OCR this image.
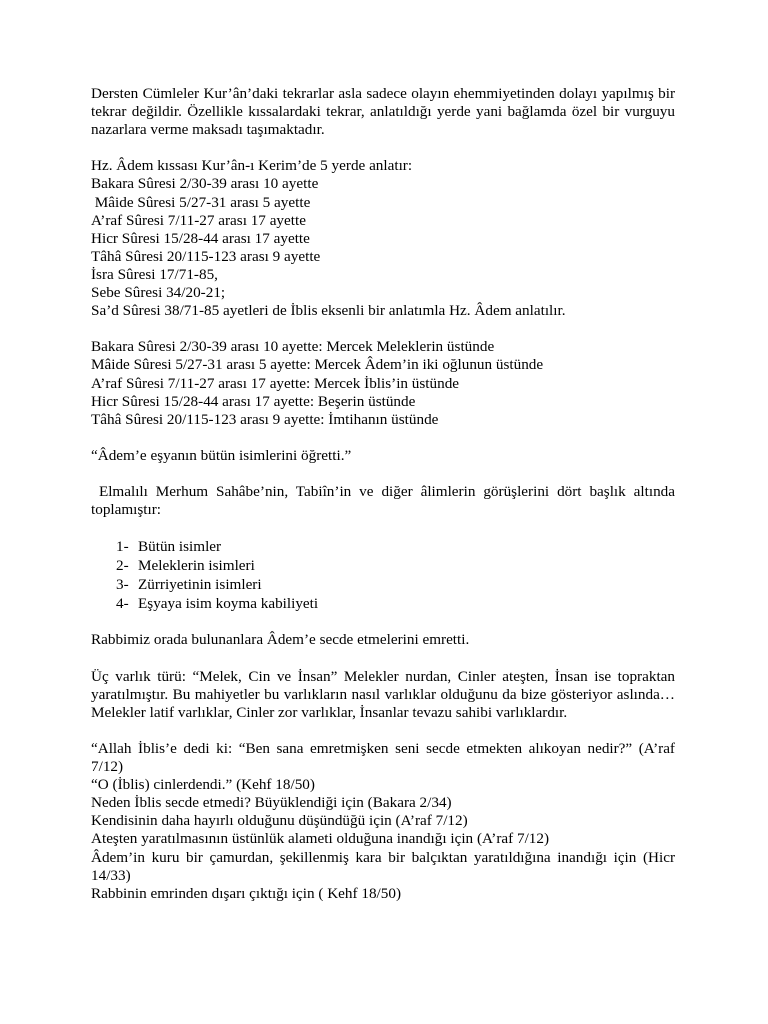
Dersten Cümleler Kur’ân’daki tekrarlar asla sadece olayın ehemmiyetinden dolayı yapılmış bir tekrar değildir. Özellikle kıssalardaki tekrar, anlatıldığı yerde yani bağlamda özel bir vurguyu nazarlara verme maksadı taşımaktadır.

Hz. Âdem kıssası Kur’ân-ı Kerim’de 5 yerde anlatır:
Bakara Sûresi 2/30-39 arası 10 ayette
Mâide Sûresi 5/27-31 arası 5 ayette
A’raf Sûresi 7/11-27 arası 17 ayette
Hicr Sûresi 15/28-44 arası 17 ayette
Tâhâ Sûresi 20/115-123 arası 9 ayette
İsra Sûresi 17/71-85,
Sebe Sûresi 34/20-21;
Sa’d Sûresi 38/71-85 ayetleri de İblis eksenli bir anlatımla Hz. Âdem anlatılır.
Bakara Sûresi 2/30-39 arası 10 ayette: Mercek Meleklerin üstünde
Mâide Sûresi 5/27-31 arası 5 ayette: Mercek Âdem’in iki oğlunun üstünde
A’raf Sûresi 7/11-27 arası 17 ayette: Mercek İblis’in üstünde
Hicr Sûresi 15/28-44 arası 17 ayette: Beşerin üstünde
Tâhâ Sûresi 20/115-123 arası 9 ayette: İmtihanın üstünde

“Âdem’e eşyanın bütün isimlerini öğretti.”

Elmalılı Merhum Sahâbe’nin, Tabiîn’in ve diğer âlimlerin görüşlerini dört başlık altında toplamıştır:

1- Bütün isimler
2- Meleklerin isimleri
3- Zürriyetinin isimleri
4- Eşyaya isim koyma kabiliyeti

Rabbimiz orada bulunanlara Âdem’e secde etmelerini emretti.

Üç varlık türü: “Melek, Cin ve İnsan” Melekler nurdan, Cinler ateşten, İnsan ise topraktan yaratılmıştır. Bu mahiyetler bu varlıkların nasıl varlıklar olduğunu da bize gösteriyor aslında… Melekler latif varlıklar, Cinler zor varlıklar, İnsanlar tevazu sahibi varlıklardır.

“Allah İblis’e dedi ki: “Ben sana emretmişken seni secde etmekten alıkoyan nedir?” (A’raf 7/12)

“O (İblis) cinlerdendi.” (Kehf 18/50)
Neden İblis secde etmedi? Büyüklendiği için (Bakara 2/34)
Kendisinin daha hayırlı olduğunu düşündüğü için (A’raf 7/12)
Ateşten yaratılmasının üstünlük alameti olduğuna inandığı için (A’raf 7/12)

Âdem’in kuru bir çamurdan, şekillenmiş kara bir balçıktan yaratıldığına inandığı için (Hicr 14/33)

Rabbinin emrinden dışarı çıktığı için ( Kehf 18/50)
